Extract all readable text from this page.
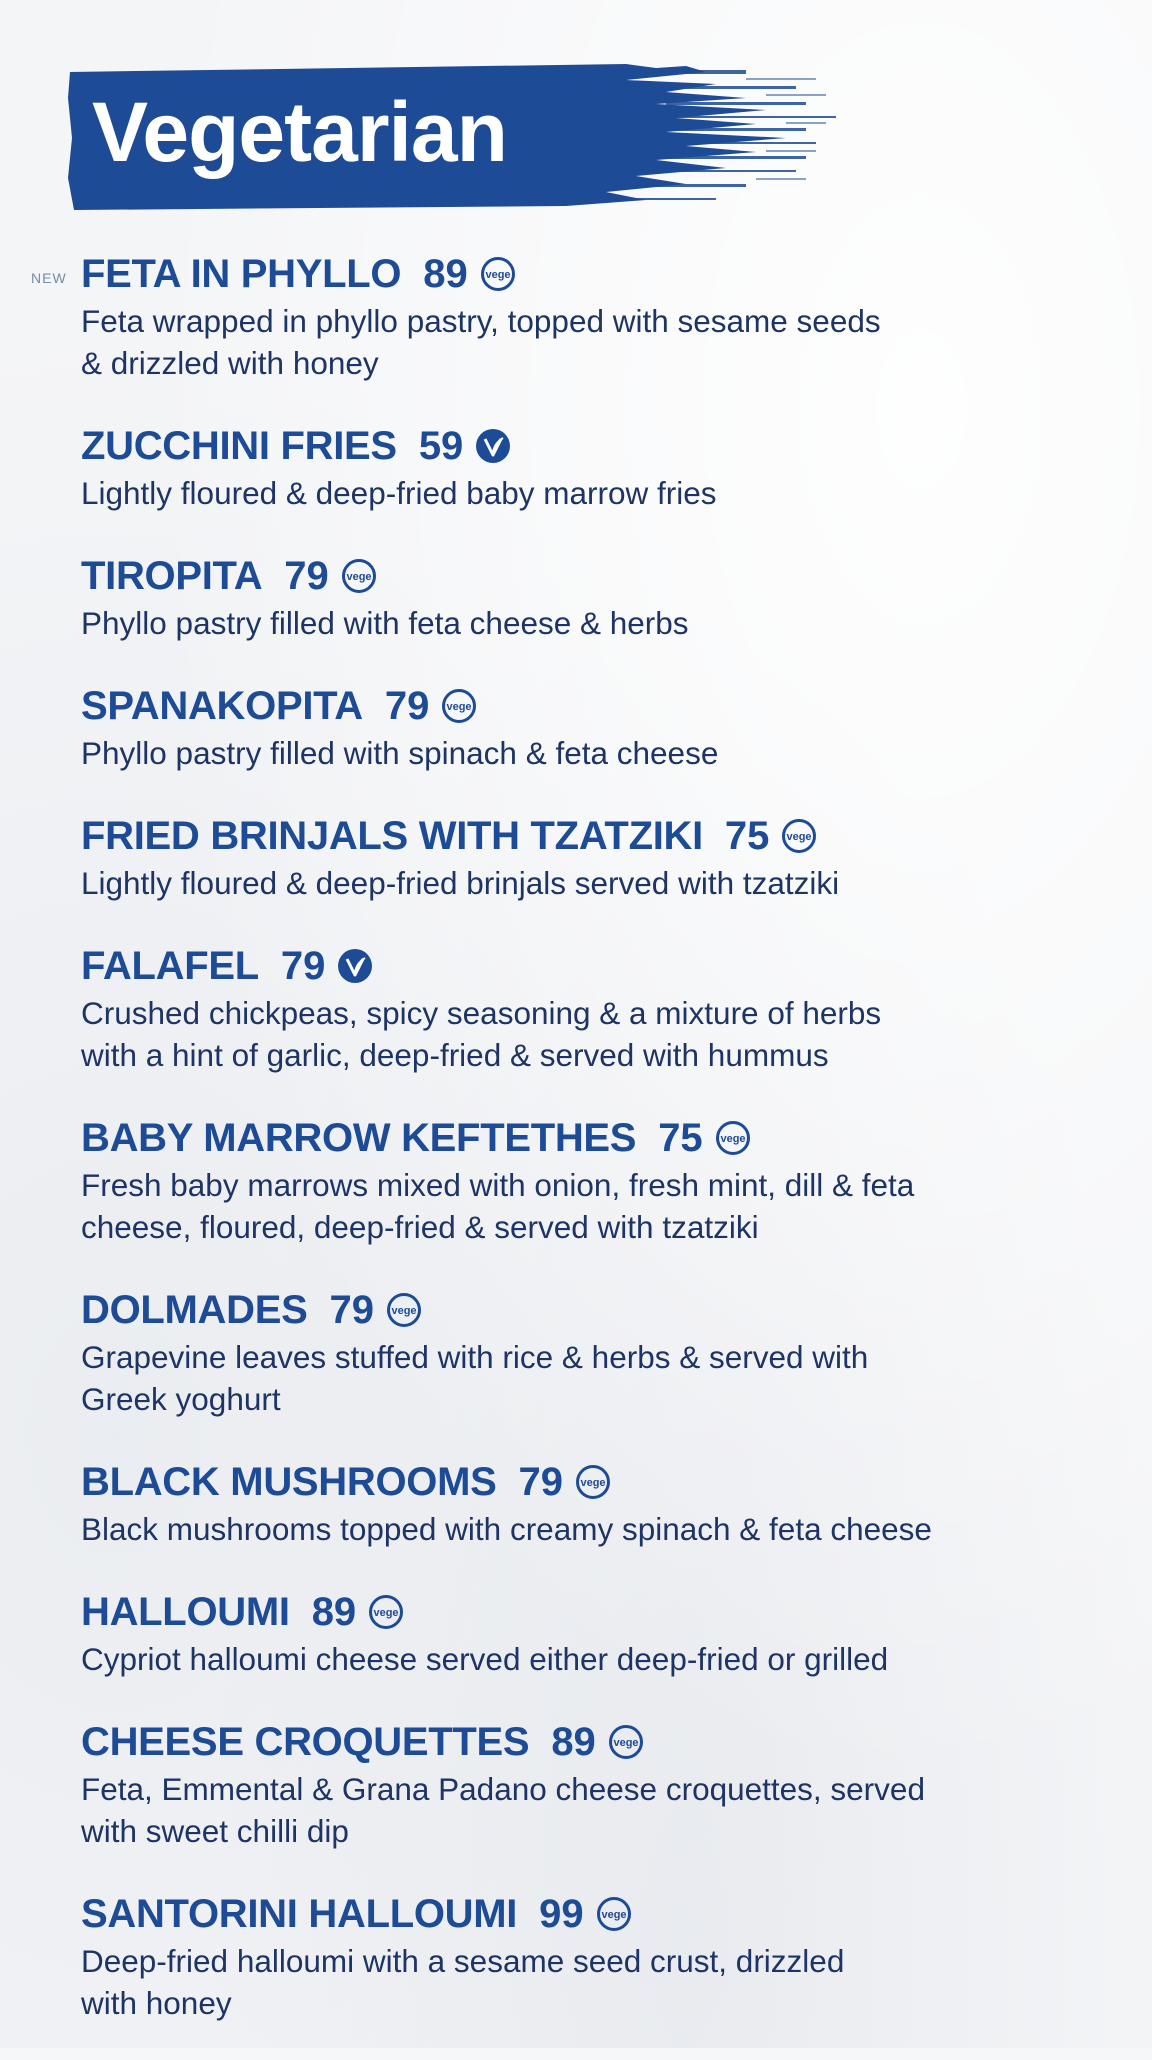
Vegetarian
NEW FETA IN PHYLLO 89 vege
Feta wrapped in phyllo pastry, topped with sesame seeds
& drizzled with honey
ZUCCHINI FRIES 59
Lightly floured & deep-fried baby marrow fries
TIROPITA 79 vege
Phyllo pastry filled with feta cheese & herbs
SPANAKOPITA 79 vege
Phyllo pastry filled with spinach & feta cheese
FRIED BRINJALS WITH TZATZIKI 75 vege
Lightly floured & deep-fried brinjals served with tzatziki
FALAFEL 79
Crushed chickpeas, spicy seasoning & a mixture of herbs
with a hint of garlic, deep-fried & served with hummus
BABY MARROW KEFTETHES 75 vege
Fresh baby marrows mixed with onion, fresh mint, dill & feta
cheese, floured, deep-fried & served with tzatziki
DOLMADES 79 vege
Grapevine leaves stuffed with rice & herbs & served with
Greek yoghurt
BLACK MUSHROOMS 79 vege
Black mushrooms topped with creamy spinach & feta cheese
HALLOUMI 89 vege
Cypriot halloumi cheese served either deep-fried or grilled
CHEESE CROQUETTES 89 vege
Feta, Emmental & Grana Padano cheese croquettes, served
with sweet chilli dip
SANTORINI HALLOUMI 99 vege
Deep-fried halloumi with a sesame seed crust, drizzled
with honey
